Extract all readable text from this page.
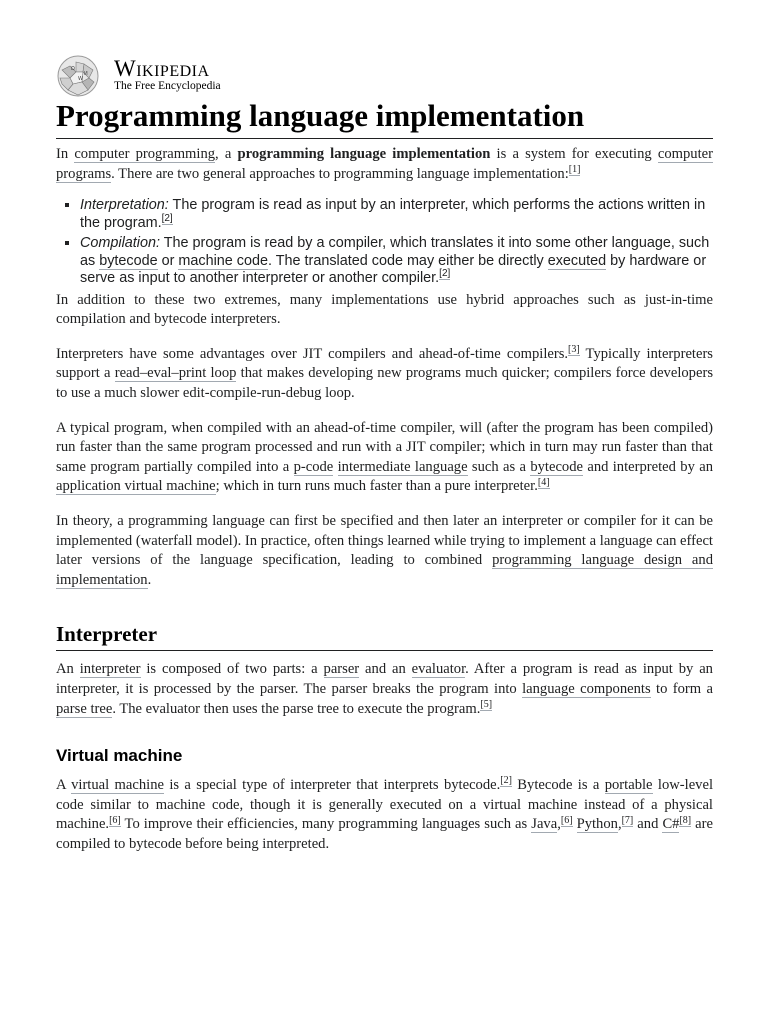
Ω
W
И Wikipedia
The Free Encyclopedia
Programming language implementation

In computer programming, a programming language implementation is a system for executing computer programs. There are two general approaches to programming language implementation:[1]

▪ Interpretation: The program is read as input by an interpreter, which performs the actions written in the program.[2]
▪ Compilation: The program is read by a compiler, which translates it into some other language, such as bytecode or machine code. The translated code may either be directly executed by hardware or serve as input to another interpreter or another compiler.[2]

In addition to these two extremes, many implementations use hybrid approaches such as just-in-time compilation and bytecode interpreters.

Interpreters have some advantages over JIT compilers and ahead-of-time compilers.[3] Typically interpreters support a read–eval–print loop that makes developing new programs much quicker; compilers force developers to use a much slower edit-compile-run-debug loop.

A typical program, when compiled with an ahead-of-time compiler, will (after the program has been compiled) run faster than the same program processed and run with a JIT compiler; which in turn may run faster than that same program partially compiled into a p-code intermediate language such as a bytecode and interpreted by an application virtual machine; which in turn runs much faster than a pure interpreter.[4]

In theory, a programming language can first be specified and then later an interpreter or compiler for it can be implemented (waterfall model). In practice, often things learned while trying to implement a language can effect later versions of the language specification, leading to combined programming language design and implementation.

Interpreter

An interpreter is composed of two parts: a parser and an evaluator. After a program is read as input by an interpreter, it is processed by the parser. The parser breaks the program into language components to form a parse tree. The evaluator then uses the parse tree to execute the program.[5]

Virtual machine

A virtual machine is a special type of interpreter that interprets bytecode.[2] Bytecode is a portable low-level code similar to machine code, though it is generally executed on a virtual machine instead of a physical machine.[6] To improve their efficiencies, many programming languages such as Java,[6] Python,[7] and C#[8] are compiled to bytecode before being interpreted.
